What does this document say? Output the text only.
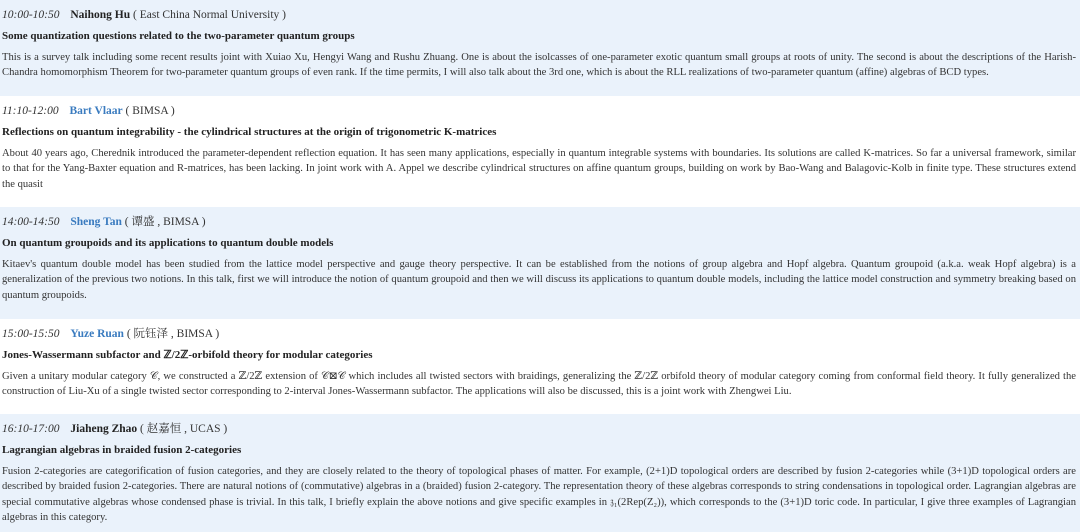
10:00-10:50 Naihong Hu ( East China Normal University )
Some quantization questions related to the two-parameter quantum groups
This is a survey talk including some recent results joint with Xuiao Xu, Hengyi Wang and Rushu Zhuang. One is about the isolcasses of one-parameter exotic quantum small groups at roots of unity. The second is about the descriptions of the Harish-Chandra homomorphism Theorem for two-parameter quantum groups of even rank. If the time permits, I will also talk about the 3rd one, which is about the RLL realizations of two-parameter quantum (affine) algebras of BCD types.
11:10-12:00 Bart Vlaar ( BIMSA )
Reflections on quantum integrability - the cylindrical structures at the origin of trigonometric K-matrices
About 40 years ago, Cherednik introduced the parameter-dependent reflection equation. It has seen many applications, especially in quantum integrable systems with boundaries. Its solutions are called K-matrices. So far a universal framework, similar to that for the Yang-Baxter equation and R-matrices, has been lacking. In joint work with A. Appel we describe cylindrical structures on affine quantum groups, building on work by Bao-Wang and Balagovic-Kolb in finite type. These structures extend the quasit
14:00-14:50 Sheng Tan ( 谭盛 , BIMSA )
On quantum groupoids and its applications to quantum double models
Kitaev's quantum double model has been studied from the lattice model perspective and gauge theory perspective. It can be established from the notions of group algebra and Hopf algebra. Quantum groupoid (a.k.a. weak Hopf algebra) is a generalization of the previous two notions. In this talk, first we will introduce the notion of quantum groupoid and then we will discuss its applications to quantum double models, including the lattice model construction and symmetry breaking based on quantum groupoids.
15:00-15:50 Yuze Ruan ( 阮钰泽 , BIMSA )
Jones-Wassermann subfactor and ℤ/2ℤ-orbifold theory for modular categories
Given a unitary modular category 𝒞, we constructed a ℤ/2ℤ extension of 𝒞⊠𝒞 which includes all twisted sectors with braidings, generalizing the ℤ/2ℤ orbifold theory of modular category coming from conformal field theory. It fully generalized the construction of Liu-Xu of a single twisted sector corresponding to 2-interval Jones-Wassermann subfactor. The applications will also be discussed, this is a joint work with Zhengwei Liu.
16:10-17:00 Jiaheng Zhao ( 赵嘉恒 , UCAS )
Lagrangian algebras in braided fusion 2-categories
Fusion 2-categories are categorification of fusion categories, and they are closely related to the theory of topological phases of matter. For example, (2+1)D topological orders are described by fusion 2-categories while (3+1)D topological orders are described by braided fusion 2-categories. There are natural notions of (commutative) algebras in a (braided) fusion 2-category. The representation theory of these algebras corresponds to string condensations in topological order. Lagrangian algebras are special commutative algebras whose condensed phase is trivial. In this talk, I briefly explain the above notions and give specific examples in 𝔷₁(2Rep(Z₂)), which corresponds to the (3+1)D toric code. In particular, I give three examples of Lagrangian algebras in this category.
